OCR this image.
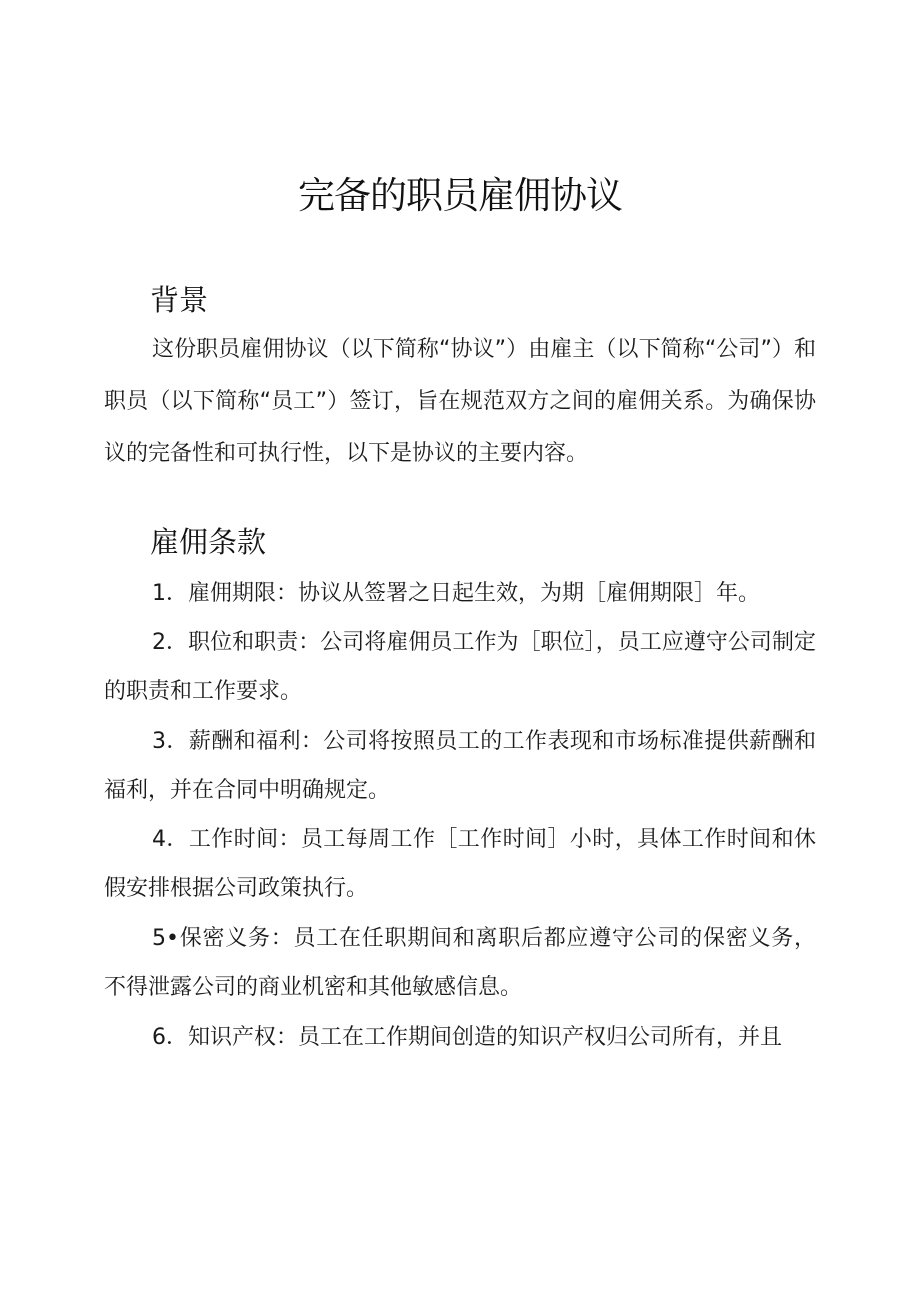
完备的职员雇佣协议
背景

这份职员雇佣协议（以下简称“协议”）由雇主（以下简称“公司”）和职员（以下简称“员工”）签订，旨在规范双方之间的雇佣关系。为确保协议的完备性和可执行性，以下是协议的主要内容。

雇佣条款

1．雇佣期限：协议从签署之日起生效，为期［雇佣期限］年。

2．职位和职责：公司将雇佣员工作为［职位］，员工应遵守公司制定的职责和工作要求。

3．薪酬和福利：公司将按照员工的工作表现和市场标准提供薪酬和福利，并在合同中明确规定。

4．工作时间：员工每周工作［工作时间］小时，具体工作时间和休假安排根据公司政策执行。

5•保密义务：员工在任职期间和离职后都应遵守公司的保密义务，不得泄露公司的商业机密和其他敏感信息。

6．知识产权：员工在工作期间创造的知识产权归公司所有，并且
